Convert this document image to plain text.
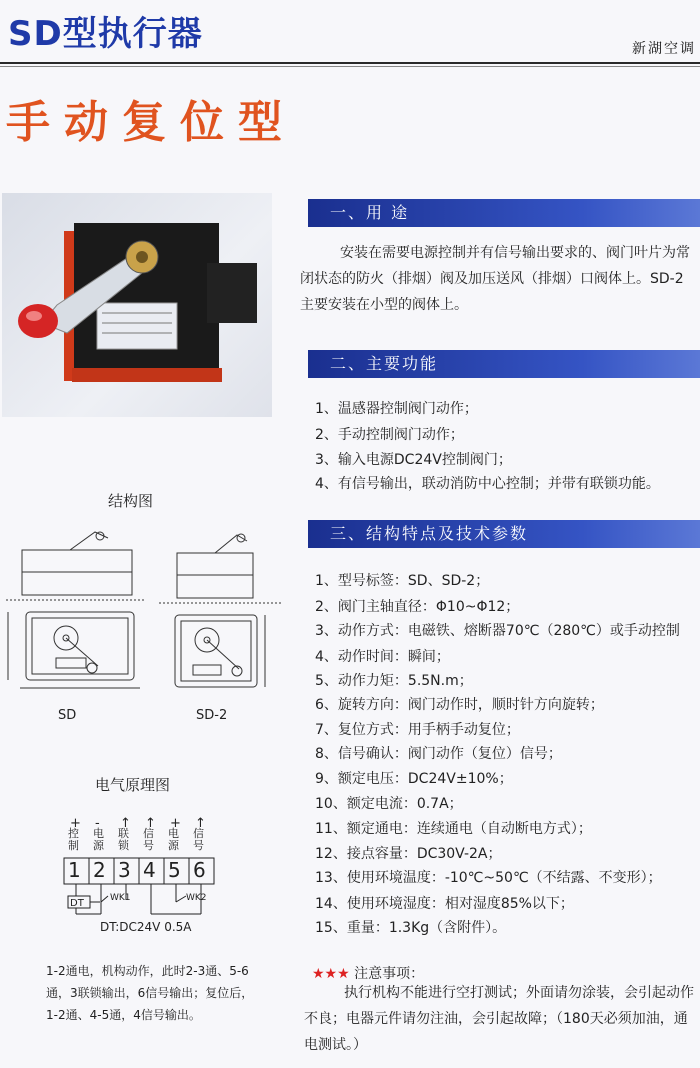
SD型执行器	新湖空调
手动复位型
一、用 途
安装在需要电源控制并有信号输出要求的、阀门叶片为常闭状态的防火（排烟）阀及加压送风（排烟）口阀体上。SD-2主要安装在小型的阀体上。
二、主要功能
1、温感器控制阀门动作；
2、手动控制阀门动作；
3、输入电源DC24V控制阀门；
4、有信号输出，联动消防中心控制；并带有联锁功能。
三、结构特点及技术参数
1、型号标签：SD、SD-2；
2、阀门主轴直径：Φ10~Φ12；
3、动作方式：电磁铁、熔断器70℃（280℃）或手动控制
4、动作时间：瞬间；
5、动作力矩：5.5N.m；
6、旋转方向：阀门动作时，顺时针方向旋转；
7、复位方式：用手柄手动复位；
8、信号确认：阀门动作（复位）信号；
9、额定电压：DC24V±10%；
10、额定电流：0.7A；
11、额定通电：连续通电（自动断电方式）；
12、接点容量：DC30V-2A；
13、使用环境温度：-10℃~50℃（不结露、不变形）；
14、使用环境湿度：相对湿度85%以下；
15、重量：1.3Kg（含附件）。
结构图
SD	SD-2
电气原理图
+ - ↑ ↑ + ↑
控制
电源
联锁
信号
电源
信号
1 2 3 4 5 6
DT	WK1	WK2
DT:DC24V 0.5A
1-2通电，机构动作，此时2-3通、5-6通，3联锁输出，6信号输出；复位后，1-2通、4-5通，4信号输出。
★★★ 注意事项：
执行机构不能进行空打测试；外面请勿涂装，会引起动作不良；电器元件请勿注油，会引起故障；（180天必须加油，通电测试。）
